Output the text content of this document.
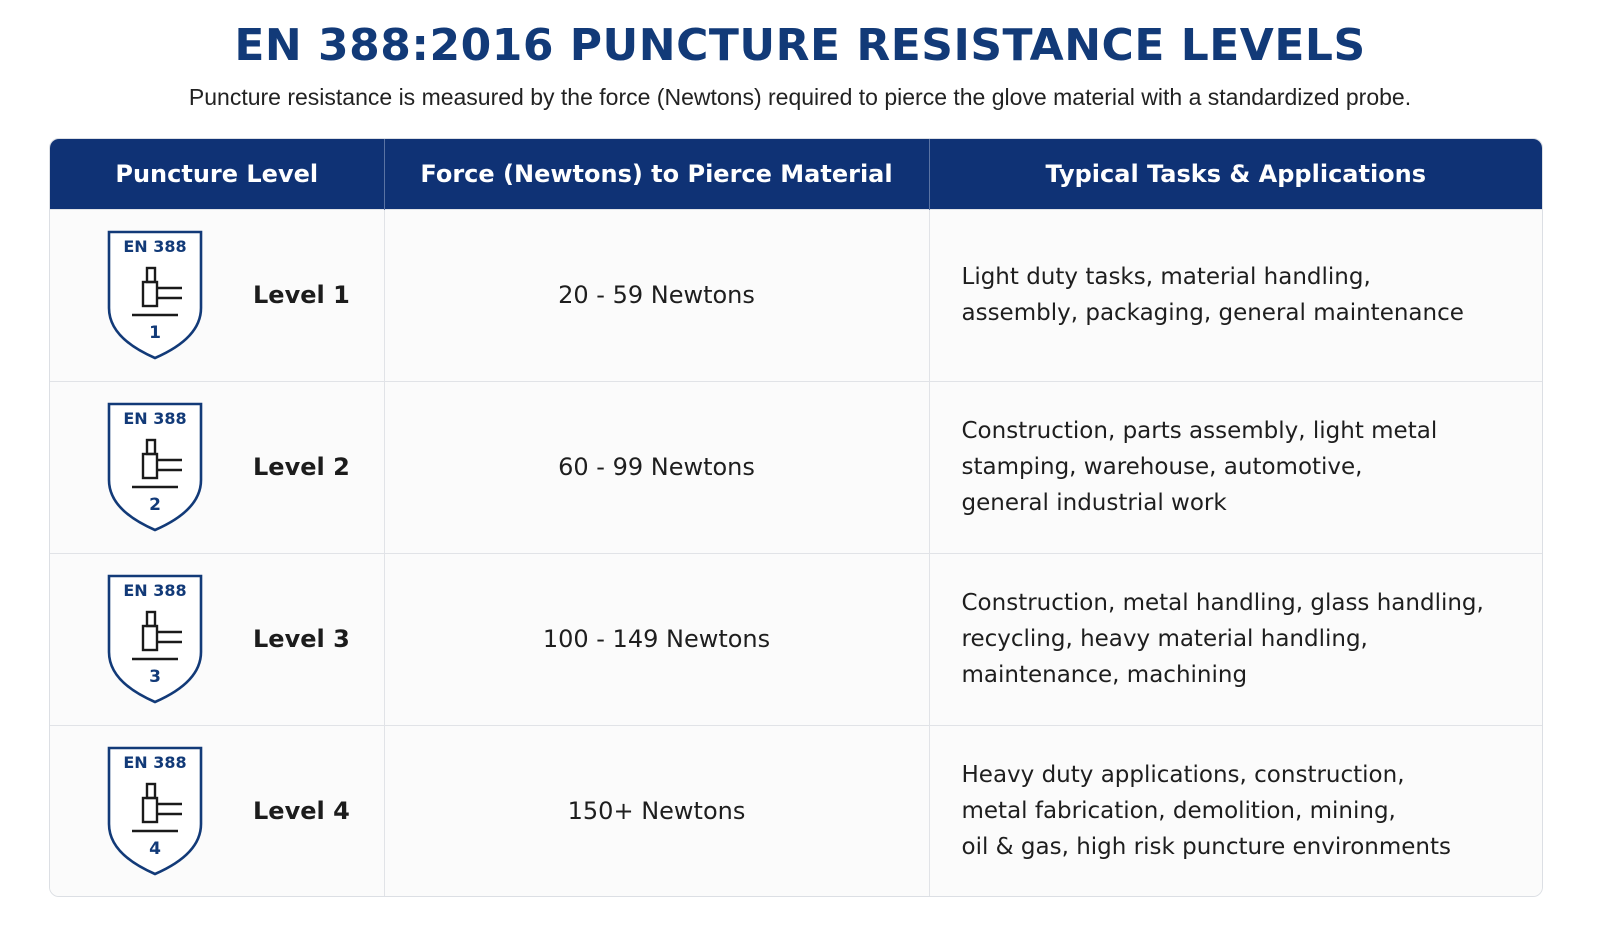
EN 388:2016 PUNCTURE RESISTANCE LEVELS

Puncture resistance is measured by the force (Newtons) required to pierce the glove material with a standardized probe.

Puncture Level	Force (Newtons) to Pierce Material	Typical Tasks & Applications

EN 388
1
Level 1	20 - 59 Newtons	Light duty tasks, material handling,
assembly, packaging, general maintenance

EN 388
2
Level 2	60 - 99 Newtons	Construction, parts assembly, light metal
stamping, warehouse, automotive,
general industrial work

EN 388
3
Level 3	100 - 149 Newtons	Construction, metal handling, glass handling,
recycling, heavy material handling,
maintenance, machining

EN 388
4
Level 4	150+ Newtons	Heavy duty applications, construction,
metal fabrication, demolition, mining,
oil & gas, high risk puncture environments
